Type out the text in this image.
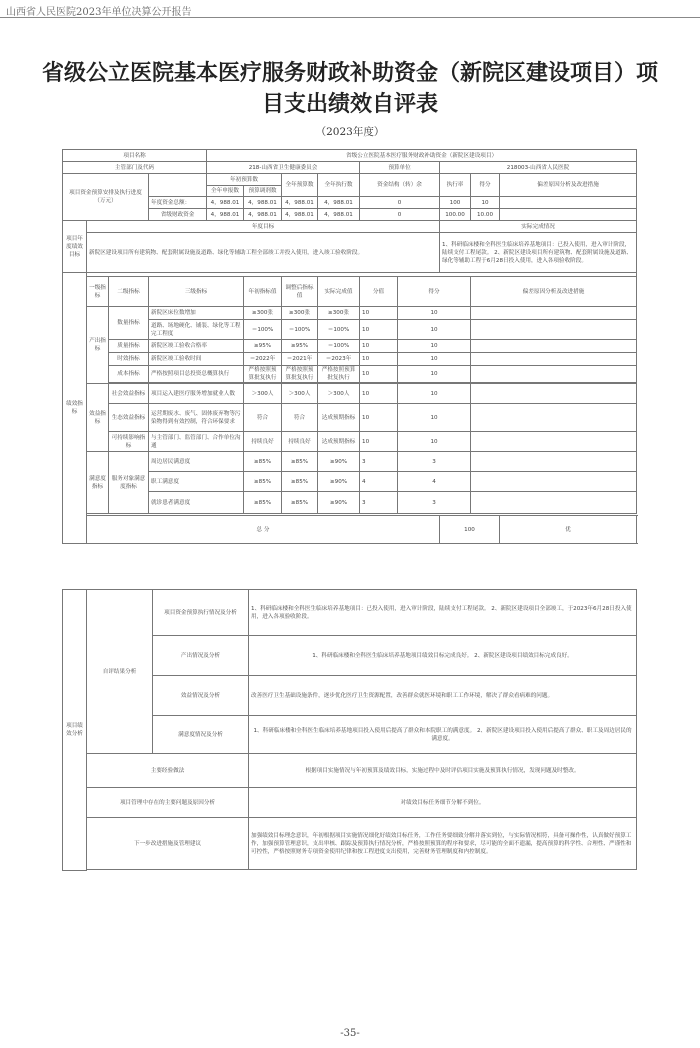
山西省人民医院2023年单位决算公开报告
省级公立医院基本医疗服务财政补助资金（新院区建设项目）项目支出绩效自评表
（2023年度）
项目名称				省级公立医院基本医疗服务财政补助资金（新院区建设项目）								
主管部门及代码				218-山西省卫生健康委员会				预算单位		218003-山西省人民医院		
项目资金预算安排及执行进度（万元）				年初预算数		全年预算数	全年执行数	资金结构（转）余		执行率	得分	偏差原因分析及改进措施
				全年申报数	预算调剂数							
			年度资金总额：	4，988.01	4，988.01	4，988.01	4，988.01	0		100	10	
			省级财政资金	4，988.01	4，988.01	4，988.01	4，988.01	0		100.00	10.00	
项目年度绩效目标	年度目标									实际完成情况		
	新院区建设项目所有建筑物、配套附属设施及道路、绿化等辅助工程全部竣工并投入使用，进入竣工验收阶段。									1、科研临床楼和全科医生临床培养基地项目：已投入使用，进入审计阶段，陆续支付工程尾款。 2、新院区建设项目所有建筑物、配套附属设施及道路、绿化等辅助工程于6月28日投入使用，进入各项验收阶段。		
绩效指标												
	一级指标	二级指标	三级指标		年初指标值	调整后指标值	实际完成值	分值	得分		偏差原因分析及改进措施	
	产出指标	数量指标	新院区床位数增加		≥300张	≥300张	≥300张	10	10			
			道路、场地硬化、铺装、绿化等工程完工程度		＝100%	＝100%	＝100%	10	10			
		质量指标	新院区竣工验收合格率		≥95%	≥95%	＝100%	10	10			
		时效指标	新院区竣工验收时间		＝2022年	＝2021年	＝2023年	10	10			
		成本指标	严格按照项目总投资总概算执行		严格按照预算批复执行	严格按照预算批复执行	严格按照预算批复执行	10	10			

	效益指标	社会效益指标	项目运入建医疗服务增加就业人数		＞300人	＞300人	＞300人	10	10			
		生态效益指标	运营期废水、废气、固体废弃物等污染物得到有效控制，符合环保要求		符合	符合	达成预期指标	10	10			
		可持续影响指标	与主管部门、监管部门、合作单位沟通		持续良好	持续良好	达成预期指标	10	10			
	满意度指标	服务对象满意度指标	周边居民满意度		≥85%	≥85%	≥90%	3	3			
			职工满意度		≥85%	≥85%	≥90%	4	4			
			就诊患者满意度		≥85%	≥85%	≥90%	3	3			

	总 分									100		优
项目绩效分析	自评结果分析	项目资金预算执行情况及分析	1、科研临床楼和全科医生临床培养基地项目：已投入使用，进入审计阶段，陆续支付工程尾款。 2、新院区建设项目全部竣工，于2023年6月28日投入使用，进入各项验收阶段。
		产出情况及分析	1、科研临床楼和全科医生临床培养基地项目绩效目标完成良好。 2、新院区建设项目绩效目标完成良好。
		效益情况及分析	改善医疗卫生基础设施条件，逐步优化医疗卫生资源配置，改善群众就医环境和职工工作环境，解决了群众看病难的问题。
		满意度情况及分析	1、科研临床楼和全科医生临床培养基地项目投入使用后提高了群众和本院职工的满意度。 2、新院区建设项目投入使用后提高了群众、职工及周边居民的满意度。
	主要经验做法		根据项目实施情况与年初预算及绩效目标，实施过程中及时评估项目实施及预算执行情况，发现问题及时整改。
	项目管理中存在的主要问题及原因分析		对绩效目标任务细节分解不到位。
	下一步改进措施及管理建议		加强绩效目标理念意识，年初根据项目实施情况细化好绩效目标任务，工作任务要细致分解并落实到位，与实际情况相符，具备可操作性，认真做好预算工作，加强预算管理意识，支出审核、跟踪及预算执行情况分析，严格按照预算的程序和要求，尽可能的全面不遗漏，提高预算的科学性、合理性、严谨性和可控性，严格按照财务专项资金使用纪律和按工程进度支出使用，完善财务管理制度和内控制度。

-35-
